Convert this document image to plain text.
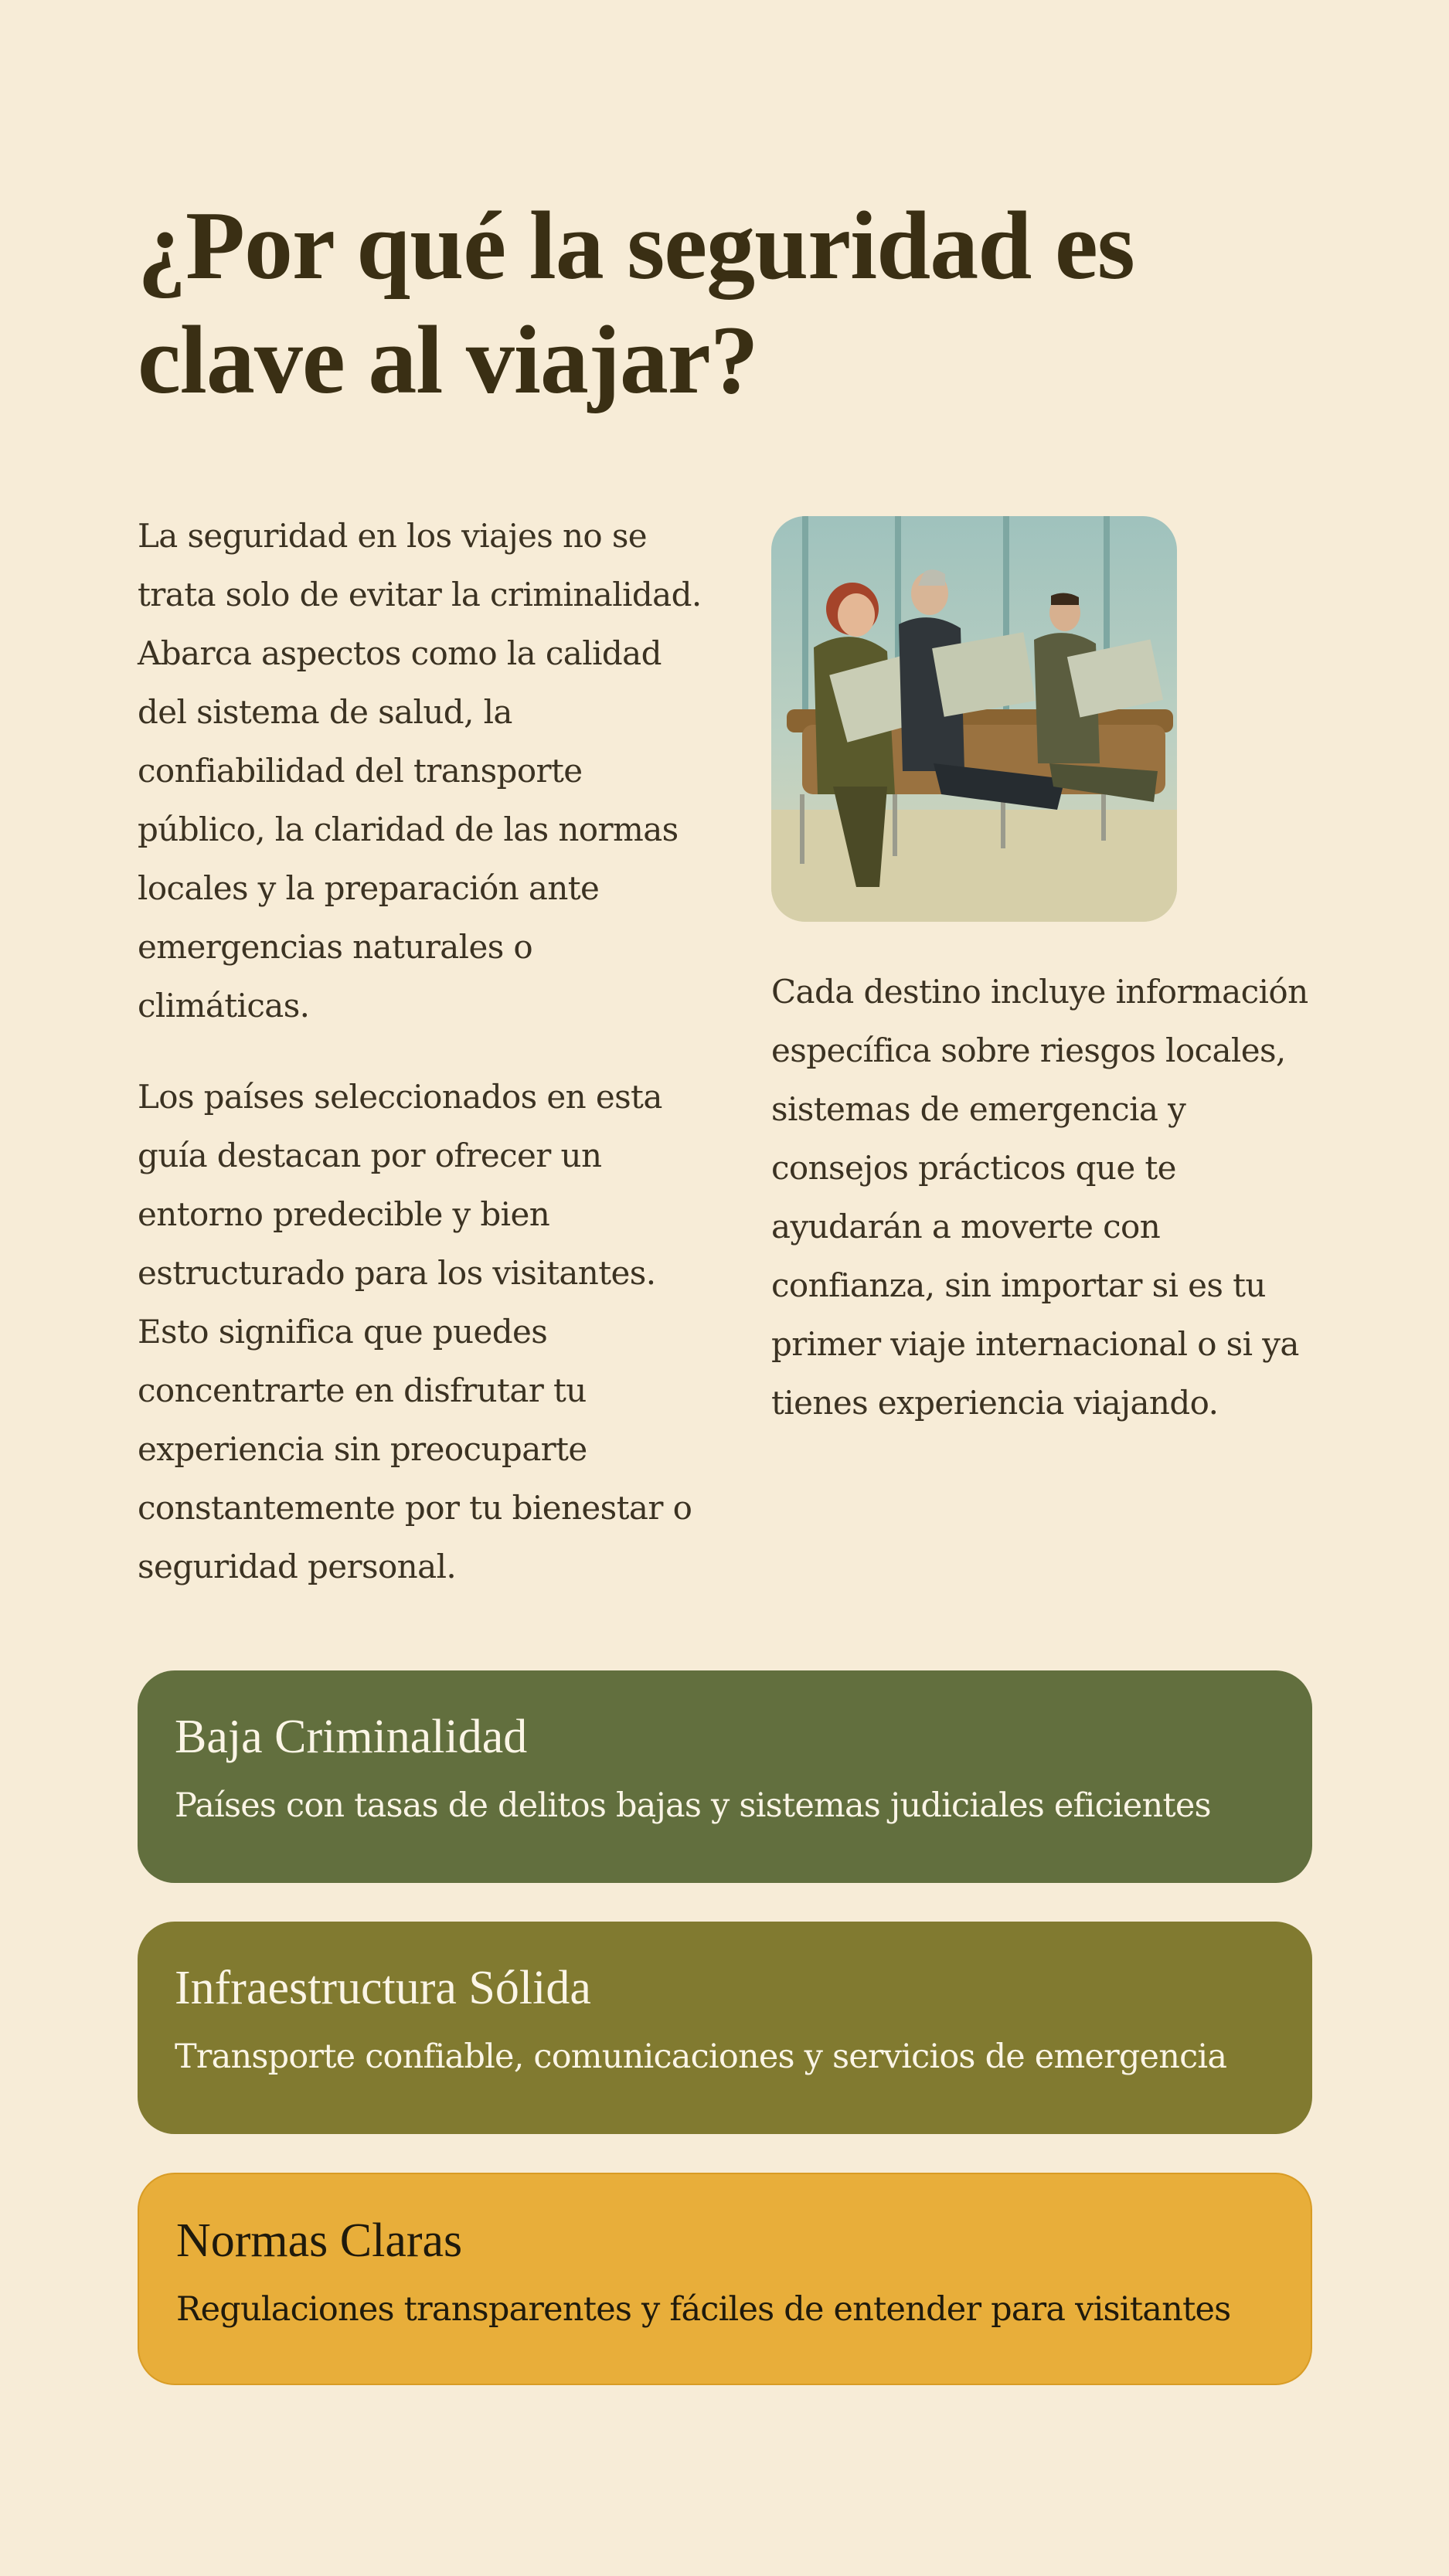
¿Por qué la seguridad es clave al viajar?

La seguridad en los viajes no se trata solo de evitar la criminalidad. Abarca aspectos como la calidad del sistema de salud, la confiabilidad del transporte público, la claridad de las normas locales y la preparación ante emergencias naturales o climáticas.

Los países seleccionados en esta guía destacan por ofrecer un entorno predecible y bien estructurado para los visitantes. Esto significa que puedes concentrarte en disfrutar tu experiencia sin preocuparte constantemente por tu bienestar o seguridad personal.

Cada destino incluye información específica sobre riesgos locales, sistemas de emergencia y consejos prácticos que te ayudarán a moverte con confianza, sin importar si es tu primer viaje internacional o si ya tienes experiencia viajando.

Baja Criminalidad

Países con tasas de delitos bajas y sistemas judiciales eficientes

Infraestructura Sólida

Transporte confiable, comunicaciones y servicios de emergencia

Normas Claras

Regulaciones transparentes y fáciles de entender para visitantes
